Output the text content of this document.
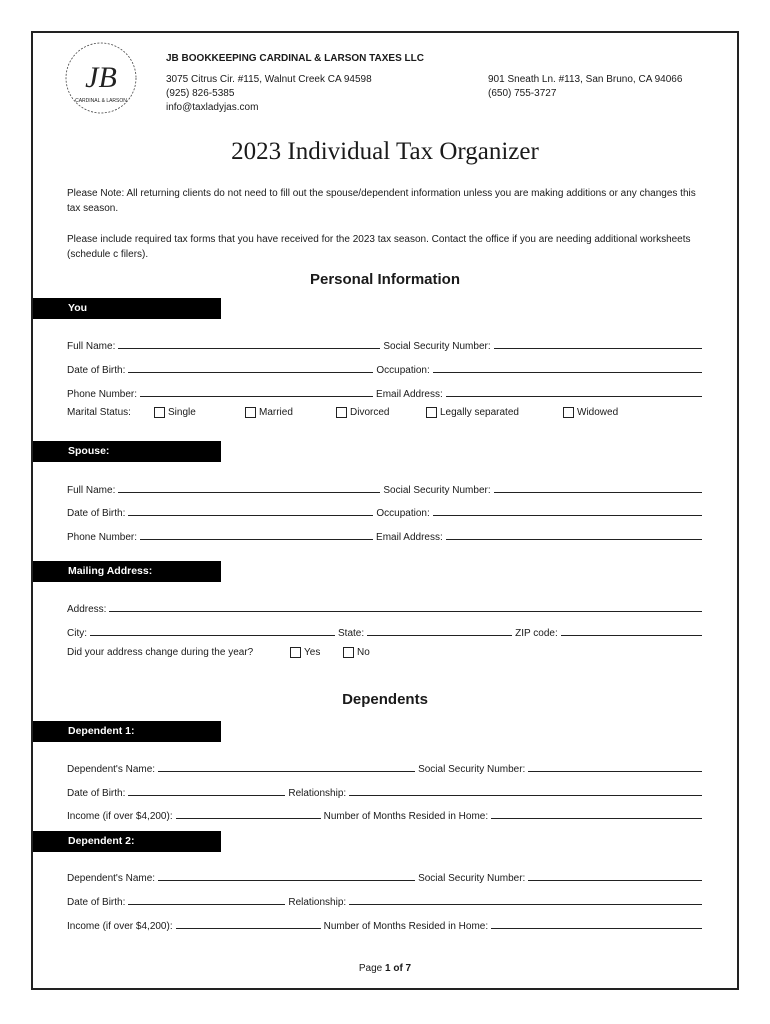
JB
CARDINAL & LARSON
JB BOOKKEEPING CARDINAL & LARSON TAXES LLC
3075 Citrus Cir. #115, Walnut Creek CA 94598
(925) 826-5385
info@taxladyjas.com
901 Sneath Ln. #113, San Bruno, CA 94066
(650) 755-3727
2023 Individual Tax Organizer
Please Note: All returning clients do not need to fill out the spouse/dependent information unless you are making additions or any changes this tax season.
Please include required tax forms that you have received for the 2023 tax season. Contact the office if you are needing additional worksheets (schedule c filers).
Personal Information
You
Full Name:	Social Security Number:
Date of Birth:	Occupation:
Phone Number:	Email Address:
Marital Status:	Single	Married	Divorced	Legally separated	Widowed
Spouse:
Full Name:	Social Security Number:
Date of Birth:	Occupation:
Phone Number:	Email Address:
Mailing Address:
Address:
City:	State:	ZIP code:
Did your address change during the year?	Yes	No
Dependents
Dependent 1:
Dependent's Name:	Social Security Number:
Date of Birth:	Relationship:
Income (if over $4,200):	Number of Months Resided in Home:
Dependent 2:
Dependent's Name:	Social Security Number:
Date of Birth:	Relationship:
Income (if over $4,200):	Number of Months Resided in Home:
Page 1 of 7
